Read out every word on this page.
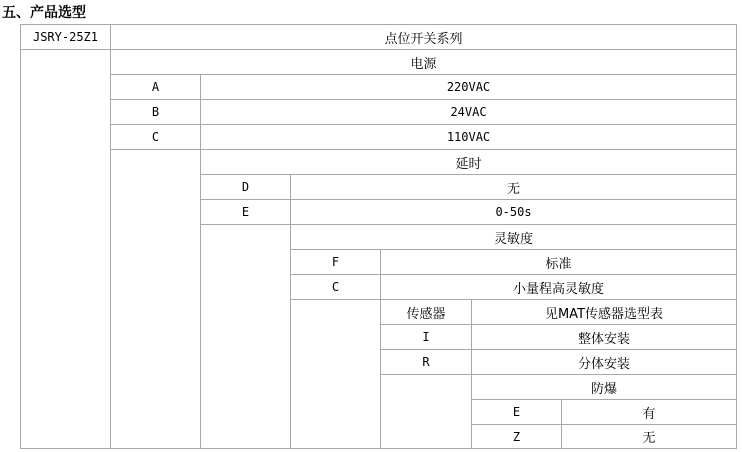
五、产品选型
JSRY-25Z1	点位开关系列
电源
A	220VAC
B	24VAC
C	110VAC
延时
D	无
E	0-50s
灵敏度
F	标准
C	小量程高灵敏度
传感器	见MAT传感器选型表
I	整体安装
R	分体安装
防爆
E	有
Z	无
